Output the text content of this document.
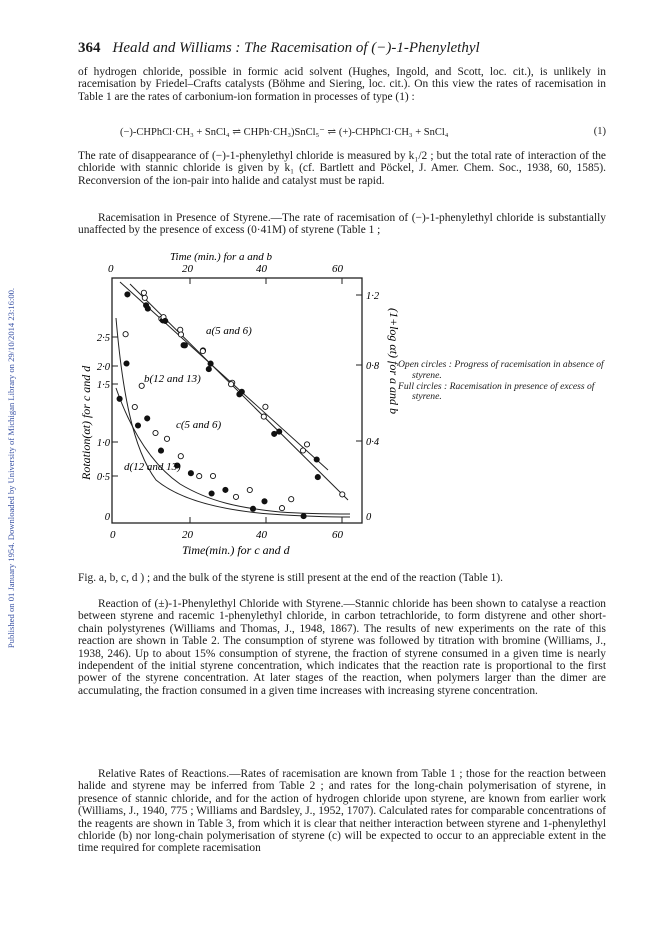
Published on 01 January 1954. Downloaded by University of Michigan Library on 29/10/2014 23:16:00.
364 Heald and Williams : The Racemisation of (−)-1-Phenylethyl
of hydrogen chloride, possible in formic acid solvent (Hughes, Ingold, and Scott, loc. cit.), is unlikely in racemisation by Friedel–Crafts catalysts (Böhme and Siering, loc. cit.). On this view the rates of racemisation in Table 1 are the rates of carbonium-ion formation in processes of type (1) :
(−)-CHPhCl·CH₃ + SnCl₄ ⇌ CHPh·CH₃)SnCl₅⁻ ⇌ (+)-CHPhCl·CH₃ + SnCl₄	(1)
The rate of disappearance of (−)-1-phenylethyl chloride is measured by k₁/2 ; but the total rate of interaction of the chloride with stannic chloride is given by k₁ (cf. Bartlett and Pöckel, J. Amer. Chem. Soc., 1938, 60, 1585). Reconversion of the ion-pair into halide and catalyst must be rapid.
Racemisation in Presence of Styrene.—The rate of racemisation of (−)-1-phenylethyl chloride is substantially unaffected by the presence of excess (0·41M) of styrene (Table 1 ;
Time (min.) for a and b
0	20	40	60
0	20	40	60
Time(min.) for c and d
0
0·5
1·0
1·5
2·0
2·5
Rotation(αt) for c and d
0
0·4
0·8
1·2
(1+log αt) for a and b
a(5 and 6)
b(12 and 13)
c(5 and 6)
d(12 and 13)
Open circles : Progress of racemisation in absence of styrene.
Full circles : Racemisation in presence of excess of styrene.
Fig. a, b, c, d ) ; and the bulk of the styrene is still present at the end of the reaction (Table 1).
Reaction of (±)-1-Phenylethyl Chloride with Styrene.—Stannic chloride has been shown to catalyse a reaction between styrene and racemic 1-phenylethyl chloride, in carbon tetrachloride, to form distyrene and other short-chain polystyrenes (Williams and Thomas, J., 1948, 1867). The results of new experiments on the rate of this reaction are shown in Table 2. The consumption of styrene was followed by titration with bromine (Williams, J., 1938, 246). Up to about 15% consumption of styrene, the fraction of styrene consumed in a given time is nearly independent of the initial styrene concentration, which indicates that the reaction rate is proportional to the first power of the styrene concentration. At later stages of the reaction, when polymers larger than the dimer are accumulating, the fraction consumed in a given time increases with increasing styrene concentration.
Relative Rates of Reactions.—Rates of racemisation are known from Table 1 ; those for the reaction between halide and styrene may be inferred from Table 2 ; and rates for the long-chain polymerisation of styrene, in presence of stannic chloride, and for the action of hydrogen chloride upon styrene, are known from earlier work (Williams, J., 1940, 775 ; Williams and Bardsley, J., 1952, 1707). Calculated rates for comparable concentrations of the reagents are shown in Table 3, from which it is clear that neither interaction between styrene and 1-phenylethyl chloride (b) nor long-chain polymerisation of styrene (c) will be expected to occur to an appreciable extent in the time required for complete racemisation
